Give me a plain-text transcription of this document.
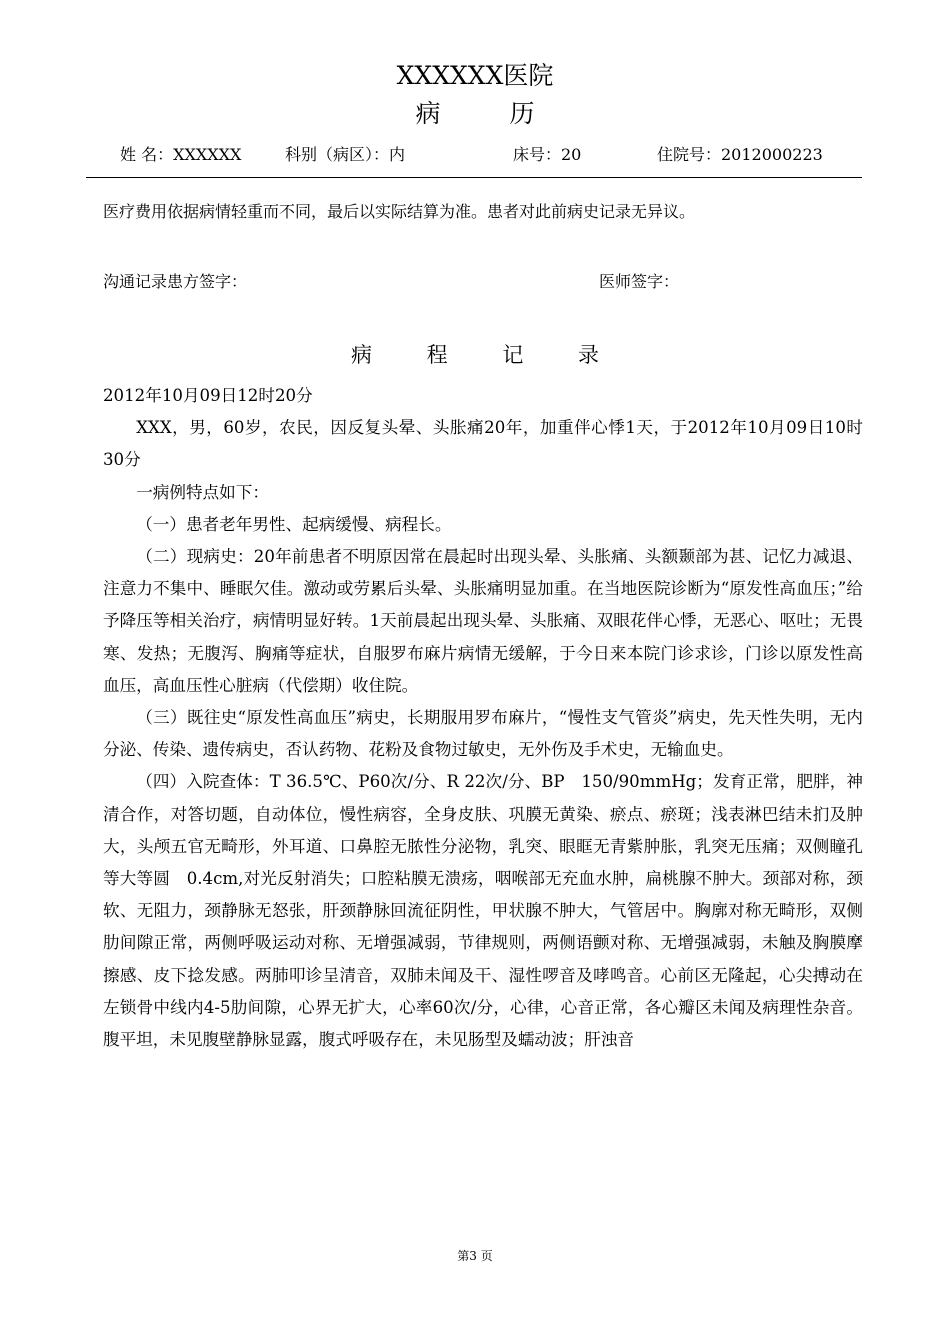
XXXXXX医院
病　历
姓 名：XXXXXX	科别（病区）：内	床号：20	住院号：2012000223
医疗费用依据病情轻重而不同，最后以实际结算为准。患者对此前病史记录无异议。
沟通记录患方签字：	医师签字：
病 程 记 录

2012年10月09日12时20分

XXX，男，60岁，农民，因反复头晕、头胀痛20年，加重伴心悸1天，于2012年10月09日10时30分

一病例特点如下：

（一）患者老年男性、起病缓慢、病程长。

（二）现病史：20年前患者不明原因常在晨起时出现头晕、头胀痛、头额颞部为甚、记忆力减退、注意力不集中、睡眠欠佳。激动或劳累后头晕、头胀痛明显加重。在当地医院诊断为“原发性高血压；”给予降压等相关治疗，病情明显好转。1天前晨起出现头晕、头胀痛、双眼花伴心悸，无恶心、呕吐；无畏寒、发热；无腹泻、胸痛等症状，自服罗布麻片病情无缓解，于今日来本院门诊求诊，门诊以原发性高血压，高血压性心脏病（代偿期）收住院。

（三）既往史“原发性高血压”病史，长期服用罗布麻片，“慢性支气管炎”病史，先天性失明，无内分泌、传染、遗传病史，否认药物、花粉及食物过敏史，无外伤及手术史，无输血史。

（四）入院查体：T 36.5℃、P60次/分、R 22次/分、BP　150/90mmHg；发育正常，肥胖，神清合作，对答切题，自动体位，慢性病容，全身皮肤、巩膜无黄染、瘀点、瘀斑；浅表淋巴结未扪及肿大，头颅五官无畸形，外耳道、口鼻腔无脓性分泌物，乳突、眼眶无青紫肿胀，乳突无压痛；双侧瞳孔等大等圆　0.4cm,对光反射消失；口腔粘膜无溃疡，咽喉部无充血水肿，扁桃腺不肿大。颈部对称，颈软、无阻力，颈静脉无怒张，肝颈静脉回流征阴性，甲状腺不肿大，气管居中。胸廓对称无畸形，双侧肋间隙正常，两侧呼吸运动对称、无增强减弱，节律规则，两侧语颤对称、无增强减弱，未触及胸膜摩擦感、皮下捻发感。两肺叩诊呈清音，双肺未闻及干、湿性啰音及哮鸣音。心前区无隆起，心尖搏动在左锁骨中线内4-5肋间隙，心界无扩大，心率60次/分，心律，心音正常，各心瓣区未闻及病理性杂音。腹平坦，未见腹壁静脉显露，腹式呼吸存在，未见肠型及蠕动波；肝浊音

第3 页
